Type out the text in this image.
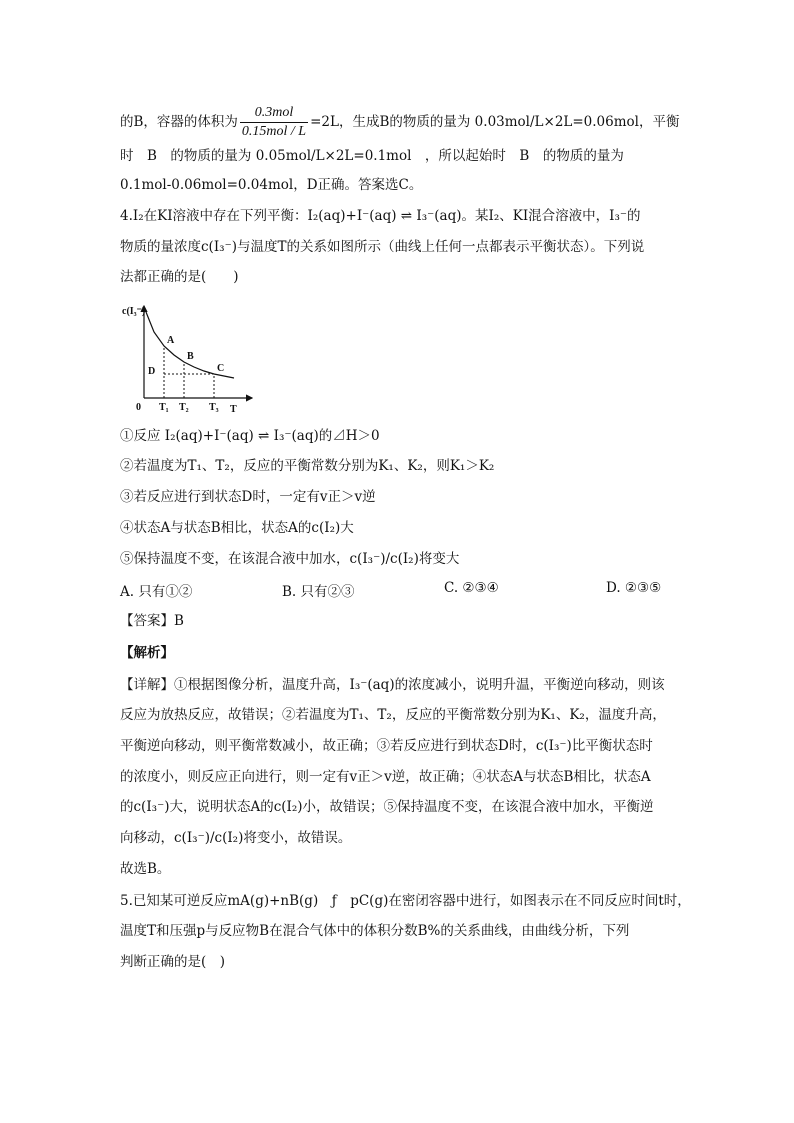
的B，容器的体积为 $\frac{\text{0.3mol}}{\text{0.15mol / L}} =2L$，生成B的物质的量为 0.03mol/L×2L=0.06mol，平衡
时　B　的物质的量为 0.05mol/L×2L=0.1mol　，所以起始时　B　的物质的量为
0.1mol-0.06mol=0.04mol，D正确。答案选C。
4.I₂在KI溶液中存在下列平衡：I₂(aq)+I⁻(aq) ⇌ I₃⁻(aq)。某I₂、KI混合溶液中，I₃⁻的
物质的量浓度c(I₃⁻)与温度T的关系如图所示（曲线上任何一点都表示平衡状态）。下列说
法都正确的是(　　)
c(I₃⁻)
T
0 T₁ T₂ T₃
A
B
C
D
①反应 I₂(aq)+I⁻(aq) ⇌ I₃⁻(aq)的⊿H＞0
②若温度为T₁、T₂，反应的平衡常数分别为K₁、K₂，则K₁＞K₂
③若反应进行到状态D时，一定有v正＞v逆
④状态A与状态B相比，状态A的c(I₂)大
⑤保持温度不变，在该混合液中加水，c(I₃⁻)/c(I₂)将变大
A. 只有①②	B. 只有②③	C. ②③④	D. ②③⑤
【答案】B
【解析】
【详解】①根据图像分析，温度升高，I₃⁻(aq)的浓度减小，说明升温，平衡逆向移动，则该
反应为放热反应，故错误；②若温度为T₁、T₂，反应的平衡常数分别为K₁、K₂，温度升高，
平衡逆向移动，则平衡常数减小，故正确；③若反应进行到状态D时，c(I₃⁻)比平衡状态时
的浓度小，则反应正向进行，则一定有v正＞v逆，故正确；④状态A与状态B相比，状态A
的c(I₃⁻)大，说明状态A的c(I₂)小，故错误；⑤保持温度不变，在该混合液中加水，平衡逆
向移动，c(I₃⁻)/c(I₂)将变小，故错误。
故选B。
5.已知某可逆反应mA(g)+nB(g)　ƒ　pC(g)在密闭容器中进行，如图表示在不同反应时间t时，
温度T和压强p与反应物B在混合气体中的体积分数B%的关系曲线，由曲线分析，下列
判断正确的是(　)
